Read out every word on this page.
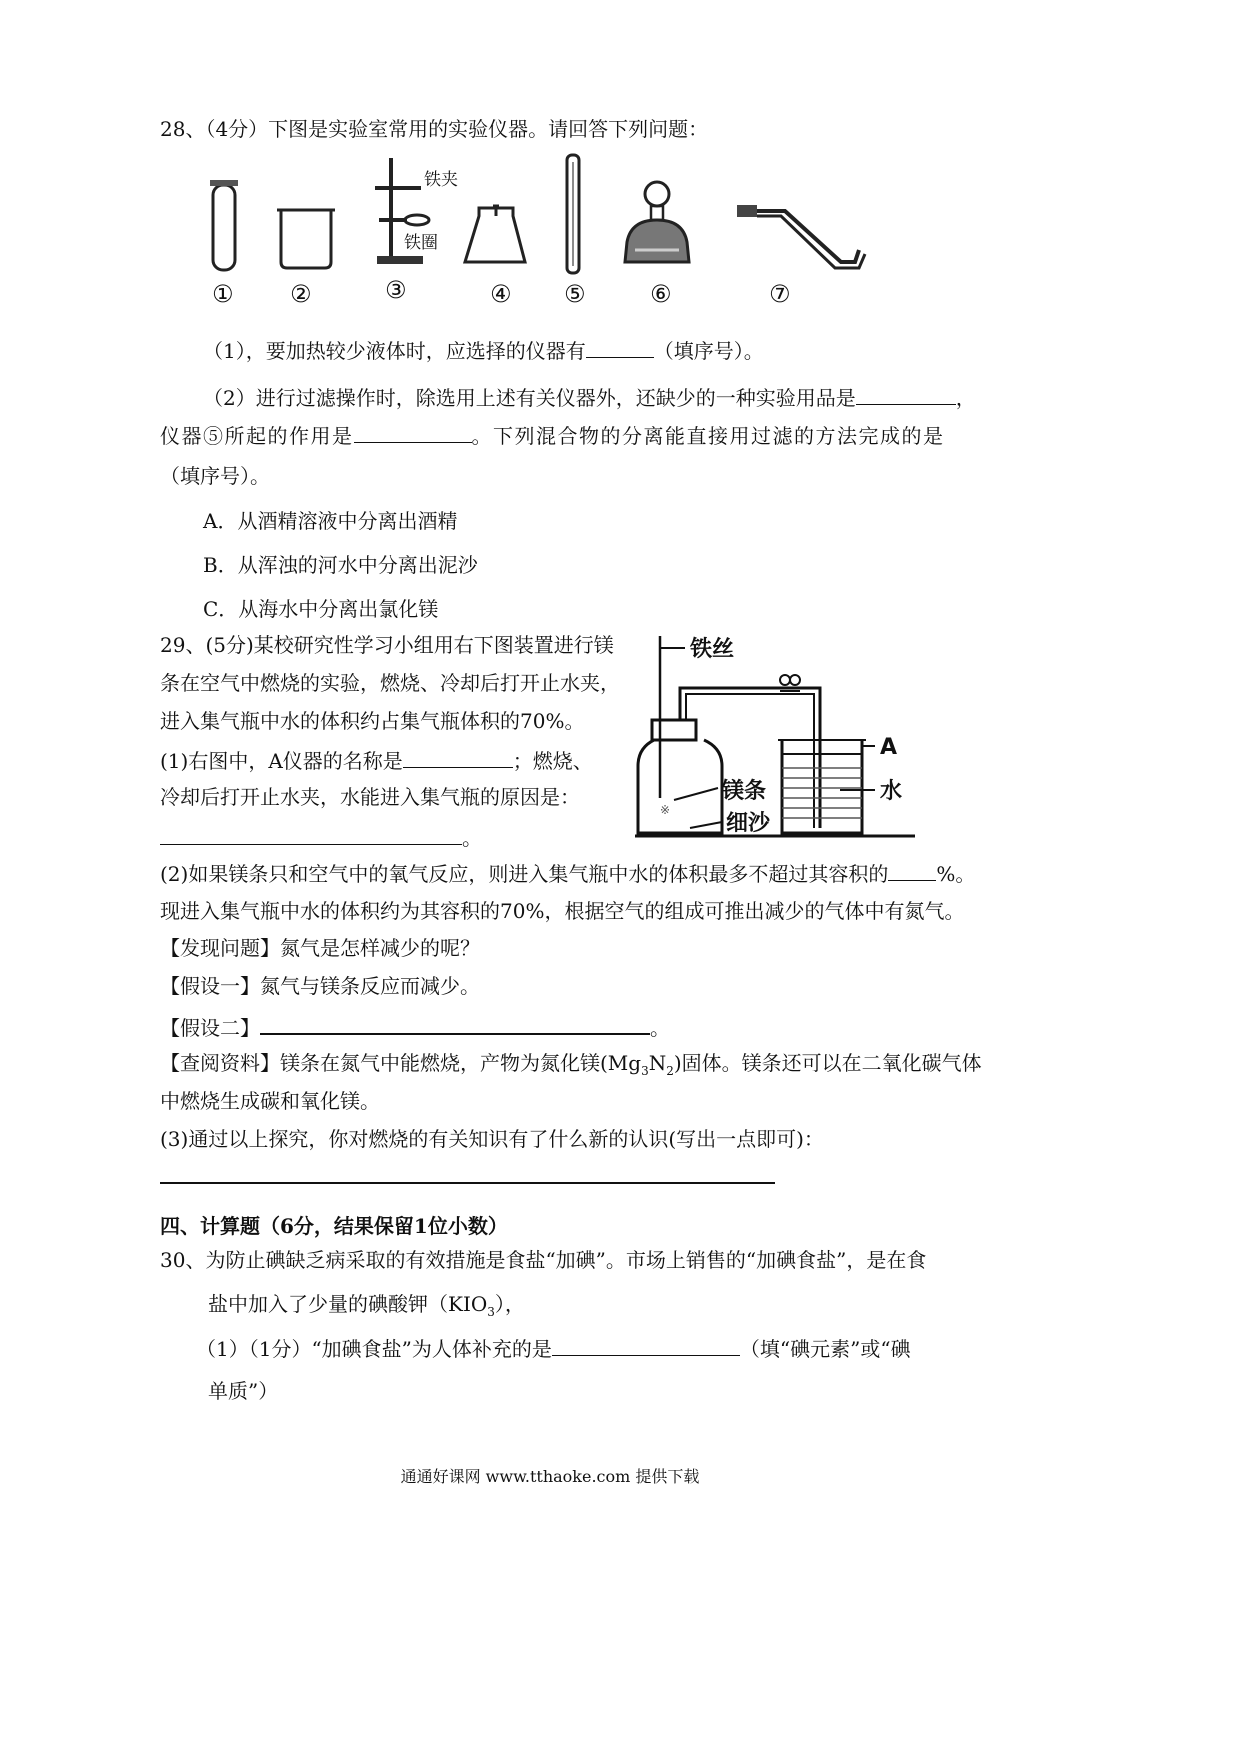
28、（4分）下图是实验室常用的实验仪器。请回答下列问题：
铁夹
铁圈
① ②	③	④ ⑤	⑥	⑦
（1），要加热较少液体时，应选择的仪器有	（填序号）。
（2）进行过滤操作时，除选用上述有关仪器外，还缺少的一种实验用品是	，
仪器⑤所起的作用是	。下列混合物的分离能直接用过滤的方法完成的是
（填序号）。
A．从酒精溶液中分离出酒精
B．从浑浊的河水中分离出泥沙
C．从海水中分离出氯化镁
29、(5分)某校研究性学习小组用右下图装置进行镁
条在空气中燃烧的实验，燃烧、冷却后打开止水夹，
进入集气瓶中水的体积约占集气瓶体积的70%。
(1)右图中，A仪器的名称是	；燃烧、
冷却后打开止水夹，水能进入集气瓶的原因是：
。
铁丝
※
镁条
细沙
A
水
(2)如果镁条只和空气中的氧气反应，则进入集气瓶中水的体积最多不超过其容积的 %。
现进入集气瓶中水的体积约为其容积的70%，根据空气的组成可推出减少的气体中有氮气。
【发现问题】氮气是怎样减少的呢？
【假设一】氮气与镁条反应而减少。
【假设二】	。
【查阅资料】镁条在氮气中能燃烧，产物为氮化镁$(Mg_3N_2)$固体。镁条还可以在二氧化碳气体
中燃烧生成碳和氧化镁。
(3)通过以上探究，你对燃烧的有关知识有了什么新的认识(写出一点即可)：
四、计算题（6分，结果保留1位小数）
30、为防止碘缺乏病采取的有效措施是食盐“加碘”。市场上销售的“加碘食盐”，是在食
盐中加入了少量的碘酸钾$(KIO_3)$，
（1）（1分）“加碘食盐”为人体补充的是	（填“碘元素”或“碘
单质”）
通通好课网 www.tthaoke.com 提供下载
